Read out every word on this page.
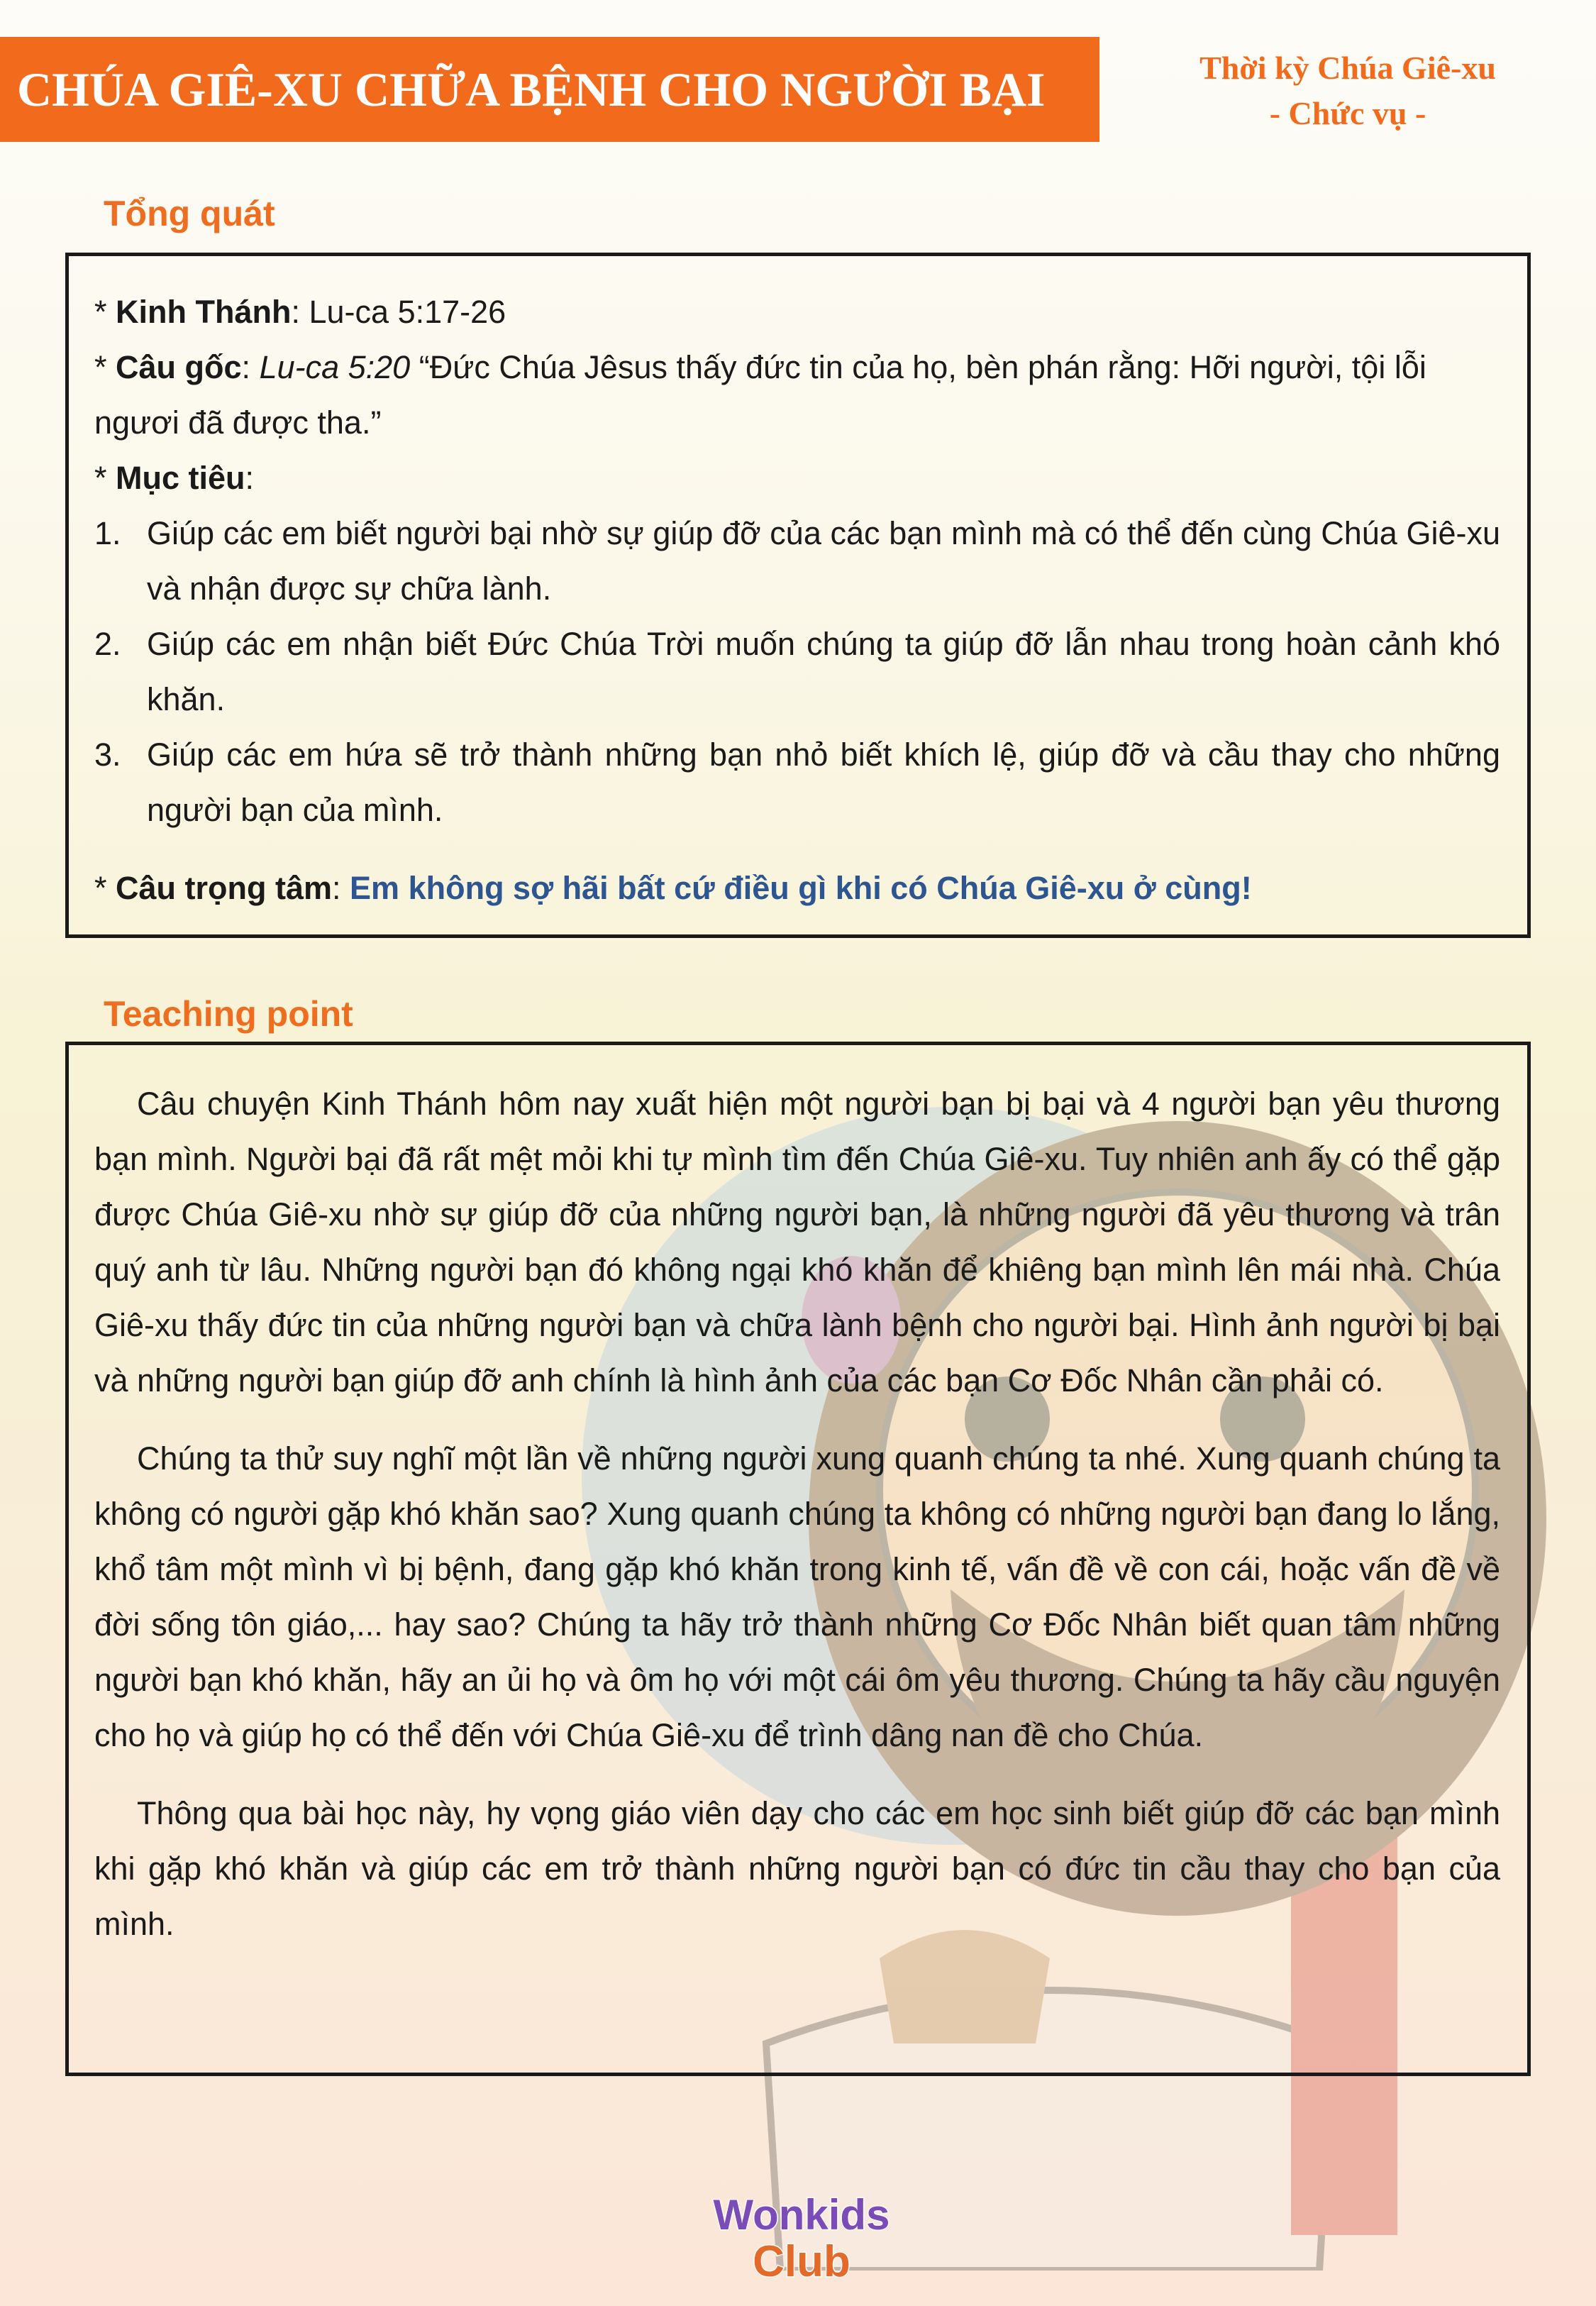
CHÚA GIÊ-XU CHỮA BỆNH CHO NGƯỜI BẠI	Thời kỳ Chúa Giê-xu
- Chức vụ -
Tổng quát
* Kinh Thánh: Lu-ca 5:17-26
* Câu gốc: Lu-ca 5:20 “Đức Chúa Jêsus thấy đức tin của họ, bèn phán rằng: Hỡi người, tội lỗi ngươi đã được tha.”
* Mục tiêu:
1. Giúp các em biết người bại nhờ sự giúp đỡ của các bạn mình mà có thể đến cùng Chúa Giê-xu và nhận được sự chữa lành.
2. Giúp các em nhận biết Đức Chúa Trời muốn chúng ta giúp đỡ lẫn nhau trong hoàn cảnh khó khăn.
3. Giúp các em hứa sẽ trở thành những bạn nhỏ biết khích lệ, giúp đỡ và cầu thay cho những người bạn của mình.
* Câu trọng tâm: Em không sợ hãi bất cứ điều gì khi có Chúa Giê-xu ở cùng!
Teaching point

Câu chuyện Kinh Thánh hôm nay xuất hiện một người bạn bị bại và 4 người bạn yêu thương bạn mình. Người bại đã rất mệt mỏi khi tự mình tìm đến Chúa Giê-xu. Tuy nhiên anh ấy có thể gặp được Chúa Giê-xu nhờ sự giúp đỡ của những người bạn, là những người đã yêu thương và trân quý anh từ lâu. Những người bạn đó không ngại khó khăn để khiêng bạn mình lên mái nhà. Chúa Giê-xu thấy đức tin của những người bạn và chữa lành bệnh cho người bại. Hình ảnh người bị bại và những người bạn giúp đỡ anh chính là hình ảnh của các bạn Cơ Đốc Nhân cần phải có.

Chúng ta thử suy nghĩ một lần về những người xung quanh chúng ta nhé. Xung quanh chúng ta không có người gặp khó khăn sao? Xung quanh chúng ta không có những người bạn đang lo lắng, khổ tâm một mình vì bị bệnh, đang gặp khó khăn trong kinh tế, vấn đề về con cái, hoặc vấn đề về đời sống tôn giáo,... hay sao? Chúng ta hãy trở thành những Cơ Đốc Nhân biết quan tâm những người bạn khó khăn, hãy an ủi họ và ôm họ với một cái ôm yêu thương. Chúng ta hãy cầu nguyện cho họ và giúp họ có thể đến với Chúa Giê-xu để trình dâng nan đề cho Chúa.

Thông qua bài học này, hy vọng giáo viên dạy cho các em học sinh biết giúp đỡ các bạn mình khi gặp khó khăn và giúp các em trở thành những người bạn có đức tin cầu thay cho bạn của mình.

Wonkids
Club
